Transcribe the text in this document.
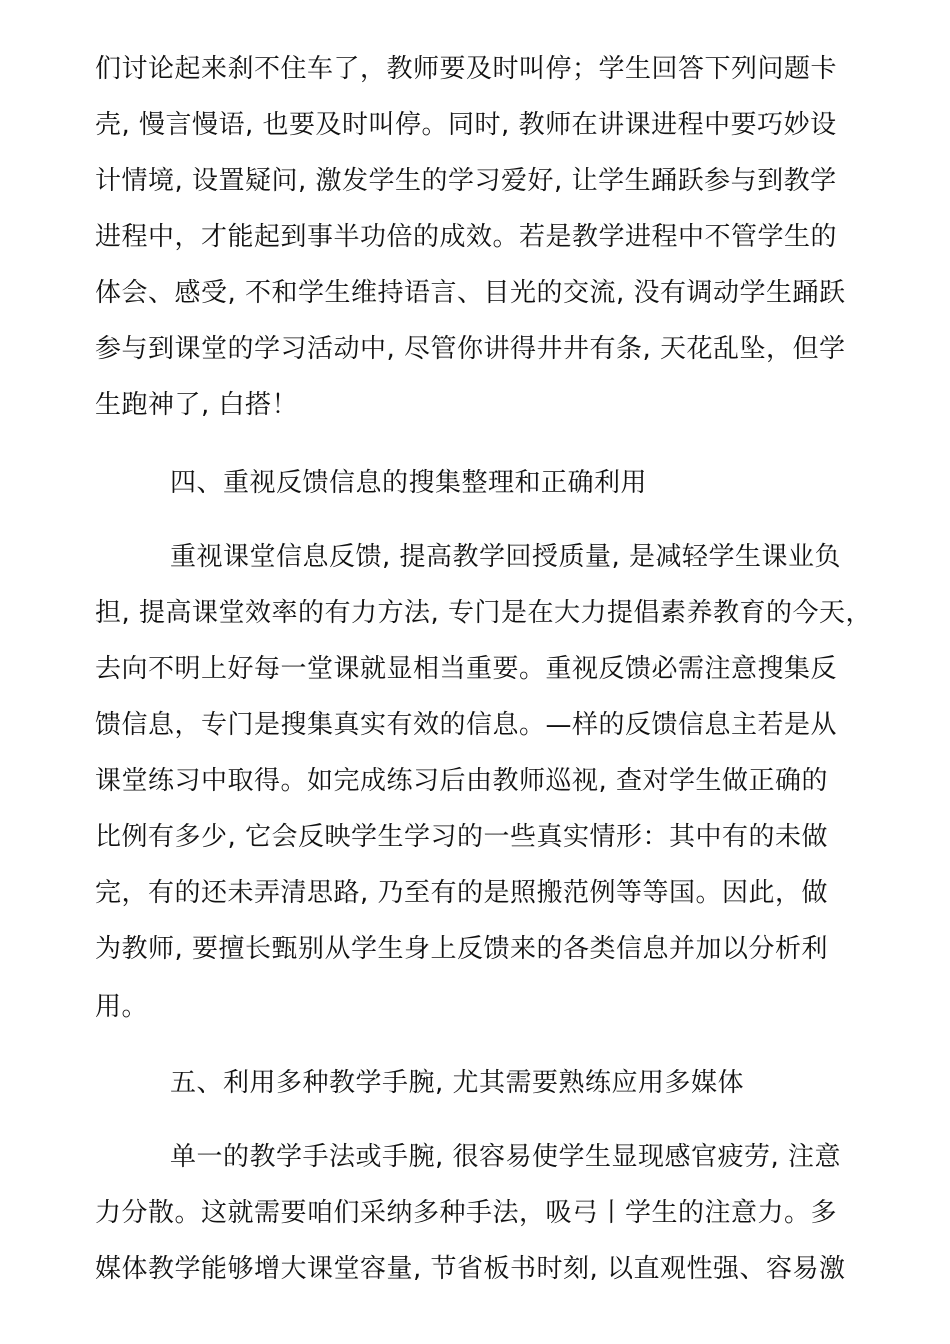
们讨论起来刹不住车了，教师要及时叫停；学生回答下列问题卡
壳, 慢言慢语, 也要及时叫停。同时, 教师在讲课进程中要巧妙设
计情境, 设置疑问, 激发学生的学习爱好, 让学生踊跃参与到教学
进程中，才能起到事半功倍的成效。若是教学进程中不管学生的
体会、感受, 不和学生维持语言、目光的交流, 没有调动学生踊跃
参与到课堂的学习活动中, 尽管你讲得井井有条, 天花乱坠，但学
生跑神了, 白搭！
四、重视反馈信息的搜集整理和正确利用
重视课堂信息反馈, 提高教学回授质量, 是减轻学生课业负
担, 提高课堂效率的有力方法, 专门是在大力提倡素养教育的今天，
去向不明上好每一堂课就显相当重要。重视反馈必需注意搜集反
馈信息，专门是搜集真实有效的信息。—样的反馈信息主若是从
课堂练习中取得。如完成练习后由教师巡视, 查对学生做正确的
比例有多少, 它会反映学生学习的一些真实情形：其中有的未做
完，有的还未弄清思路, 乃至有的是照搬范例等等国。因此，做
为教师, 要擅长甄别从学生身上反馈来的各类信息并加以分析利
用。
五、利用多种教学手腕, 尤其需要熟练应用多媒体
单一的教学手法或手腕, 很容易使学生显现感官疲劳, 注意
力分散。这就需要咱们采纳多种手法，吸弓丨学生的注意力。多
媒体教学能够增大课堂容量, 节省板书时刻, 以直观性强、容易激
